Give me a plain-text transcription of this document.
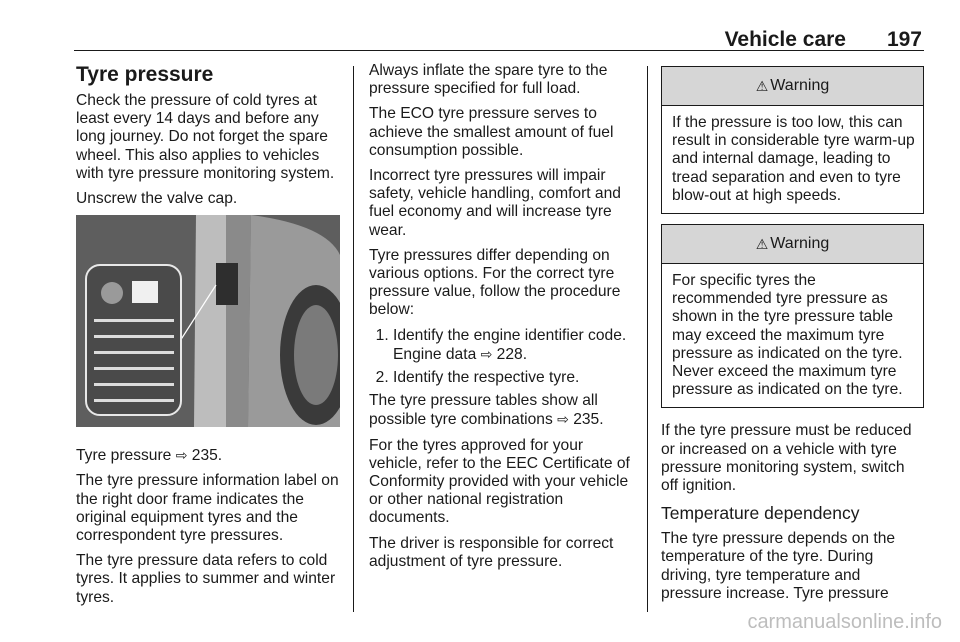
Vehicle care 197
Tyre pressure

Check the pressure of cold tyres at least every 14 days and before any long journey. Do not forget the spare wheel. This also applies to vehicles with tyre pressure monitoring system.

Unscrew the valve cap.

Tyre pressure ⇨ 235.

The tyre pressure information label on the right door frame indicates the original equipment tyres and the correspondent tyre pressures.

The tyre pressure data refers to cold tyres. It applies to summer and winter tyres.

Always inflate the spare tyre to the pressure specified for full load.

The ECO tyre pressure serves to achieve the smallest amount of fuel consumption possible.

Incorrect tyre pressures will impair safety, vehicle handling, comfort and fuel economy and will increase tyre wear.

Tyre pressures differ depending on various options. For the correct tyre pressure value, follow the procedure below:

1. Identify the engine identifier code. Engine data ⇨ 228.
2. Identify the respective tyre.

The tyre pressure tables show all possible tyre combinations ⇨ 235.

For the tyres approved for your vehicle, refer to the EEC Certificate of Conformity provided with your vehicle or other national registration documents.

The driver is responsible for correct adjustment of tyre pressure.

⚠ Warning
If the pressure is too low, this can result in considerable tyre warm-up and internal damage, leading to tread separation and even to tyre blow-out at high speeds.
⚠ Warning
For specific tyres the recommended tyre pressure as shown in the tyre pressure table may exceed the maximum tyre pressure as indicated on the tyre. Never exceed the maximum tyre pressure as indicated on the tyre.

If the tyre pressure must be reduced or increased on a vehicle with tyre pressure monitoring system, switch off ignition.

Temperature dependency

The tyre pressure depends on the temperature of the tyre. During driving, tyre temperature and pressure increase. Tyre pressure

carmanualsonline.info
